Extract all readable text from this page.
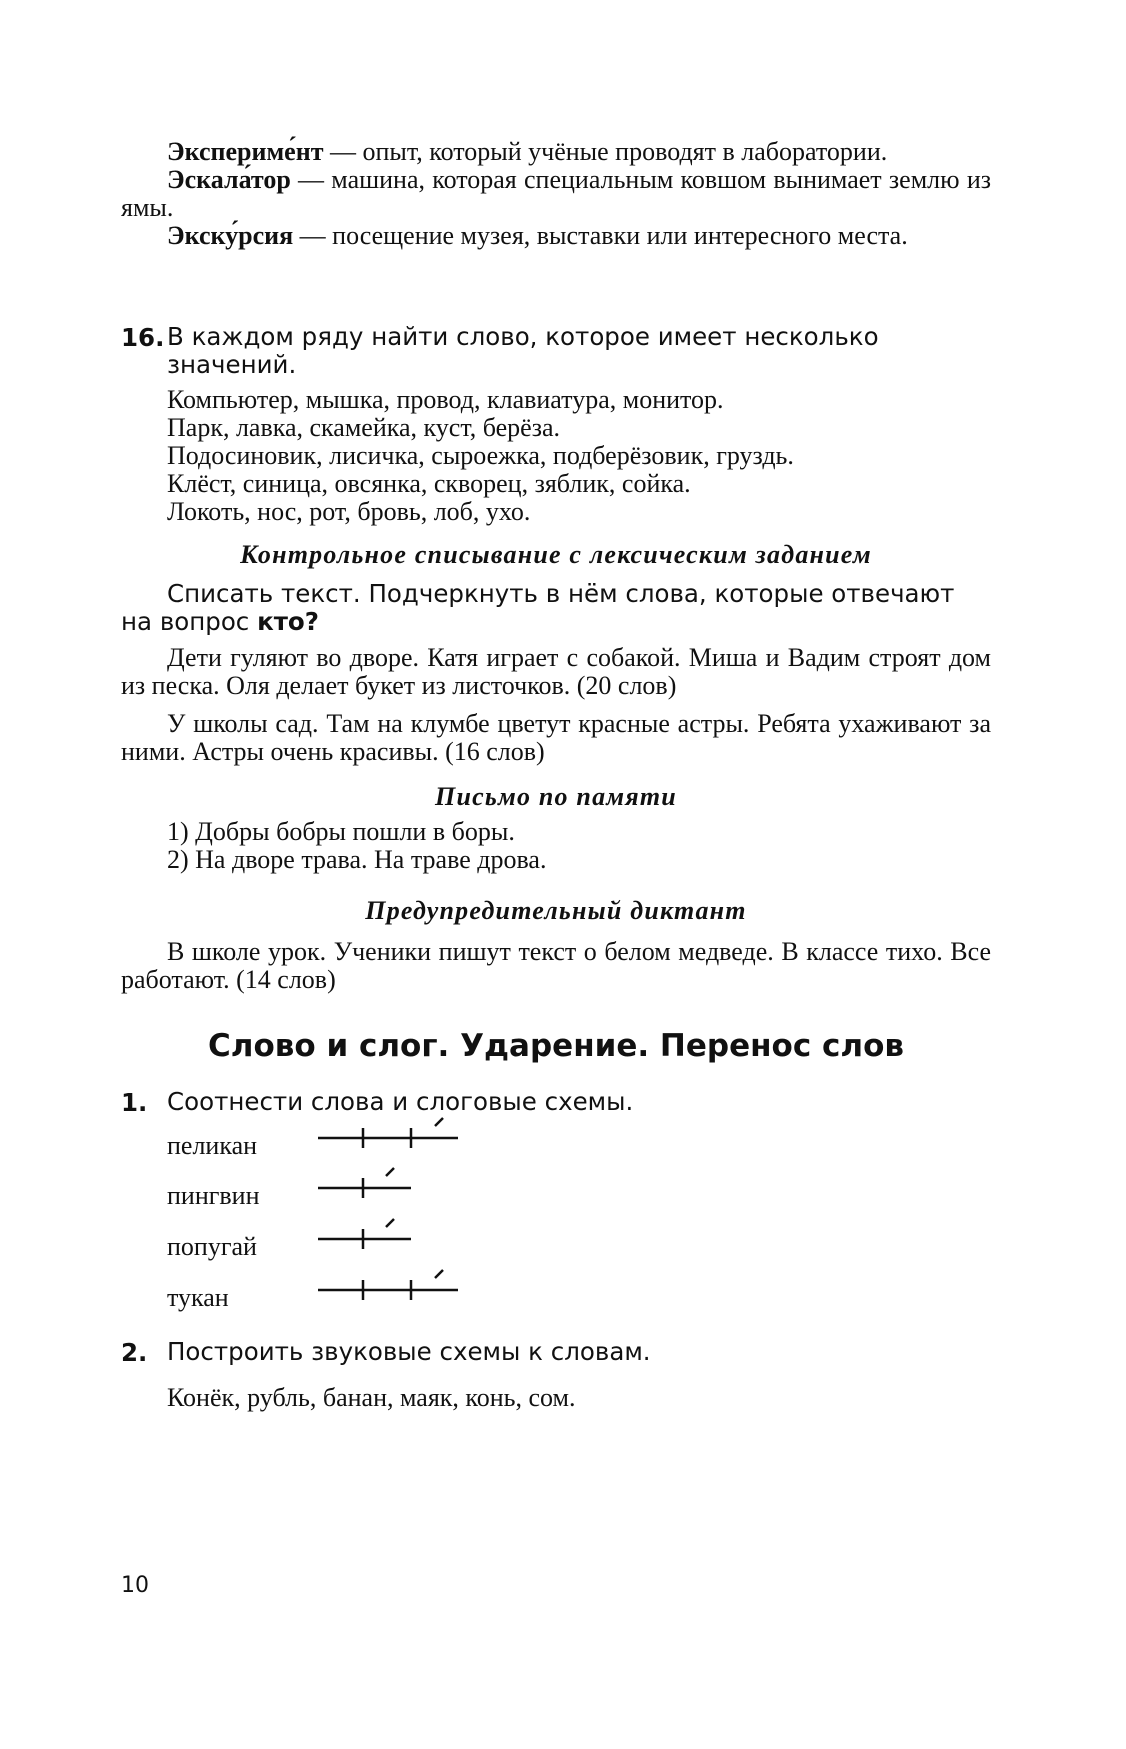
Экспериме́нт — опыт, который учёные проводят в лаборатории.

Эскала́тор — машина, которая специальным ковшом вынимает землю из ямы.

Экску́рсия — посещение музея, выставки или интересного места.

16. В каждом ряду найти слово, которое имеет несколько значений.
Компьютер, мышка, провод, клавиатура, монитор.
Парк, лавка, скамейка, куст, берёза.
Подосиновик, лисичка, сыроежка, подберёзовик, груздь.
Клёст, синица, овсянка, скворец, зяблик, сойка.
Локоть, нос, рот, бровь, лоб, ухо.
Контрольное списывание с лексическим заданием

Списать текст. Подчеркнуть в нём слова, которые отвечают на вопрос кто?

Дети гуляют во дворе. Катя играет с собакой. Миша и Вадим строят дом из песка. Оля делает букет из листочков. (20 слов)

У школы сад. Там на клумбе цветут красные астры. Ребята ухаживают за ними. Астры очень красивы. (16 слов)

Письмо по памяти
1) Добры бобры пошли в боры.
2) На дворе трава. На траве дрова.
Предупредительный диктант

В школе урок. Ученики пишут текст о белом медведе. В классе тихо. Все работают. (14 слов)

Слово и слог. Ударение. Перенос слов
1. Соотнести слова и слоговые схемы.
пеликан
пингвин
попугай
тукан
2. Построить звуковые схемы к словам.
Конёк, рубль, банан, маяк, конь, сом.
10
